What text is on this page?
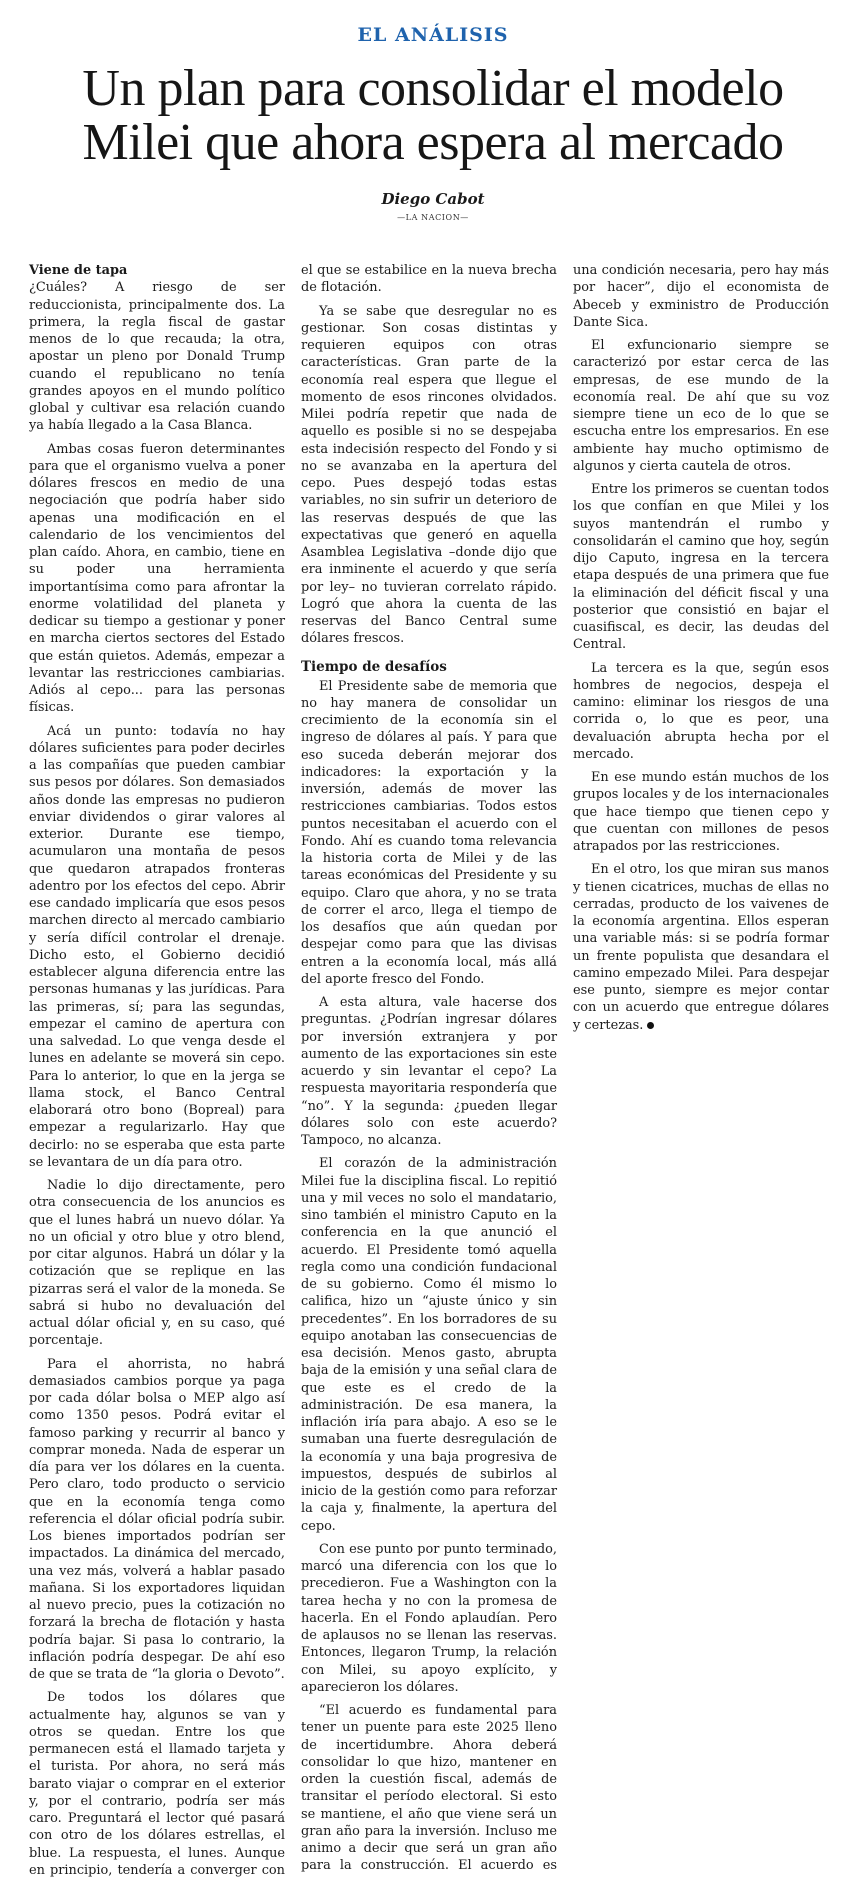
EL ANÁLISIS
Un plan para consolidar el modelo
Milei que ahora espera al mercado
Diego Cabot
—LA NACION—

Viene de tapa
¿Cuáles? A riesgo de ser reduccionista, principalmente dos. La primera, la regla fiscal de gastar menos de lo que recauda; la otra, apostar un pleno por Donald Trump cuando el republicano no tenía grandes apoyos en el mundo político global y cultivar esa relación cuando ya había llegado a la Casa Blanca.

Ambas cosas fueron determinantes para que el organismo vuelva a poner dólares frescos en medio de una negociación que podría haber sido apenas una modificación en el calendario de los vencimientos del plan caído. Ahora, en cambio, tiene en su poder una herramienta importantísima como para afrontar la enorme volatilidad del planeta y dedicar su tiempo a gestionar y poner en marcha ciertos sectores del Estado que están quietos. Además, empezar a levantar las restricciones cambiarias. Adiós al cepo... para las personas físicas.

Acá un punto: todavía no hay dólares suficientes para poder decirles a las compañías que pueden cambiar sus pesos por dólares. Son demasiados años donde las empresas no pudieron enviar dividendos o girar valores al exterior. Durante ese tiempo, acumularon una montaña de pesos que quedaron atrapados fronteras adentro por los efectos del cepo. Abrir ese candado implicaría que esos pesos marchen directo al mercado cambiario y sería difícil controlar el drenaje. Dicho esto, el Gobierno decidió establecer alguna diferencia entre las personas humanas y las jurídicas. Para las primeras, sí; para las segundas, empezar el camino de apertura con una salvedad. Lo que venga desde el lunes en adelante se moverá sin cepo. Para lo anterior, lo que en la jerga se llama stock, el Banco Central elaborará otro bono (Bopreal) para empezar a regularizarlo. Hay que decirlo: no se esperaba que esta parte se levantara de un día para otro.

Nadie lo dijo directamente, pero otra consecuencia de los anuncios es que el lunes habrá un nuevo dólar. Ya no un oficial y otro blue y otro blend, por citar algunos. Habrá un dólar y la cotización que se replique en las pizarras será el valor de la moneda. Se sabrá si hubo no devaluación del actual dólar oficial y, en su caso, qué porcentaje.

Para el ahorrista, no habrá demasiados cambios porque ya paga por cada dólar bolsa o MEP algo así como 1350 pesos. Podrá evitar el famoso parking y recurrir al banco y comprar moneda. Nada de esperar un día para ver los dólares en la cuenta. Pero claro, todo producto o servicio que en la economía tenga como referencia el dólar oficial podría subir. Los bienes importados podrían ser impactados. La dinámica del mercado, una vez más, volverá a hablar pasado mañana. Si los exportadores liquidan al nuevo precio, pues la cotización no forzará la brecha de flotación y hasta podría bajar. Si pasa lo contrario, la inflación podría despegar. De ahí eso de que se trata de “la gloria o Devoto”.

De todos los dólares que actualmente hay, algunos se van y otros se quedan. Entre los que permanecen está el llamado tarjeta y el turista. Por ahora, no será más barato viajar o comprar en el exterior y, por el contrario, podría ser más caro. Preguntará el lector qué pasará con otro de los dólares estrellas, el blue. La respuesta, el lunes. Aunque en principio, tendería a converger con el que se estabilice en la nueva brecha de flotación.

Ya se sabe que desregular no es gestionar. Son cosas distintas y requieren equipos con otras características. Gran parte de la economía real espera que llegue el momento de esos rincones olvidados. Milei podría repetir que nada de aquello es posible si no se despejaba esta indecisión respecto del Fondo y si no se avanzaba en la apertura del cepo. Pues despejó todas estas variables, no sin sufrir un deterioro de las reservas después de que las expectativas que generó en aquella Asamblea Legislativa –donde dijo que era inminente el acuerdo y que sería por ley– no tuvieran correlato rápido. Logró que ahora la cuenta de las reservas del Banco Central sume dólares frescos.

Tiempo de desafíos

El Presidente sabe de memoria que no hay manera de consolidar un crecimiento de la economía sin el ingreso de dólares al país. Y para que eso suceda deberán mejorar dos indicadores: la exportación y la inversión, además de mover las restricciones cambiarias. Todos estos puntos necesitaban el acuerdo con el Fondo. Ahí es cuando toma relevancia la historia corta de Milei y de las tareas económicas del Presidente y su equipo. Claro que ahora, y no se trata de correr el arco, llega el tiempo de los desafíos que aún quedan por despejar como para que las divisas entren a la economía local, más allá del aporte fresco del Fondo.

A esta altura, vale hacerse dos preguntas. ¿Podrían ingresar dólares por inversión extranjera y por aumento de las exportaciones sin este acuerdo y sin levantar el cepo? La respuesta mayoritaria respondería que “no”. Y la segunda: ¿pueden llegar dólares solo con este acuerdo? Tampoco, no alcanza.

El corazón de la administración Milei fue la disciplina fiscal. Lo repitió una y mil veces no solo el mandatario, sino también el ministro Caputo en la conferencia en la que anunció el acuerdo. El Presidente tomó aquella regla como una condición fundacional de su gobierno. Como él mismo lo califica, hizo un “ajuste único y sin precedentes”. En los borradores de su equipo anotaban las consecuencias de esa decisión. Menos gasto, abrupta baja de la emisión y una señal clara de que este es el credo de la administración. De esa manera, la inflación iría para abajo. A eso se le sumaban una fuerte desregulación de la economía y una baja progresiva de impuestos, después de subirlos al inicio de la gestión como para reforzar la caja y, finalmente, la apertura del cepo.

Con ese punto por punto terminado, marcó una diferencia con los que lo precedieron. Fue a Washington con la tarea hecha y no con la promesa de hacerla. En el Fondo aplaudían. Pero de aplausos no se llenan las reservas. Entonces, llegaron Trump, la relación con Milei, su apoyo explícito, y aparecieron los dólares.

“El acuerdo es fundamental para tener un puente para este 2025 lleno de incertidumbre. Ahora deberá consolidar lo que hizo, mantener en orden la cuestión fiscal, además de transitar el período electoral. Si esto se mantiene, el año que viene será un gran año para la inversión. Incluso me animo a decir que será un gran año para la construcción. El acuerdo es una condición necesaria, pero hay más por hacer”, dijo el economista de Abeceb y exministro de Producción Dante Sica.

El exfuncionario siempre se caracterizó por estar cerca de las empresas, de ese mundo de la economía real. De ahí que su voz siempre tiene un eco de lo que se escucha entre los empresarios. En ese ambiente hay mucho optimismo de algunos y cierta cautela de otros.

Entre los primeros se cuentan todos los que confían en que Milei y los suyos mantendrán el rumbo y consolidarán el camino que hoy, según dijo Caputo, ingresa en la tercera etapa después de una primera que fue la eliminación del déficit fiscal y una posterior que consistió en bajar el cuasifiscal, es decir, las deudas del Central.

La tercera es la que, según esos hombres de negocios, despeja el camino: eliminar los riesgos de una corrida o, lo que es peor, una devaluación abrupta hecha por el mercado.

En ese mundo están muchos de los grupos locales y de los internacionales que hace tiempo que tienen cepo y que cuentan con millones de pesos atrapados por las restricciones.

En el otro, los que miran sus manos y tienen cicatrices, muchas de ellas no cerradas, producto de los vaivenes de la economía argentina. Ellos esperan una variable más: si se podría formar un frente populista que desandara el camino empezado Milei. Para despejar ese punto, siempre es mejor contar con un acuerdo que entregue dólares y certezas.
